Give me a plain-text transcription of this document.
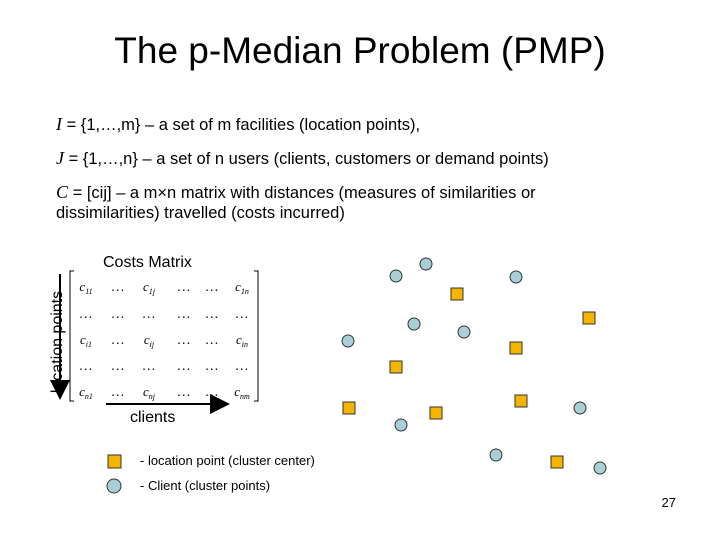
The p-Median Problem (PMP)
I = {1,…,m} – a set of m facilities (location points),
J = {1,…,n} – a set of n users (clients, customers or demand points)
C = [cij] – a m×n matrix with distances (measures of similarities or dissimilarities) travelled (costs incurred)
Costs Matrix
location points
clients
$c_{11}$ … $c_{1j}$ … … $c_{1n}$
… … … … … …
$c_{i1}$ … $c_{ij}$ … … $c_{in}$
… … … … … …
$c_{n1}$ … $c_{nj}$ … … $c_{nm}$
- location point (cluster center)
- Client (cluster points)
27
